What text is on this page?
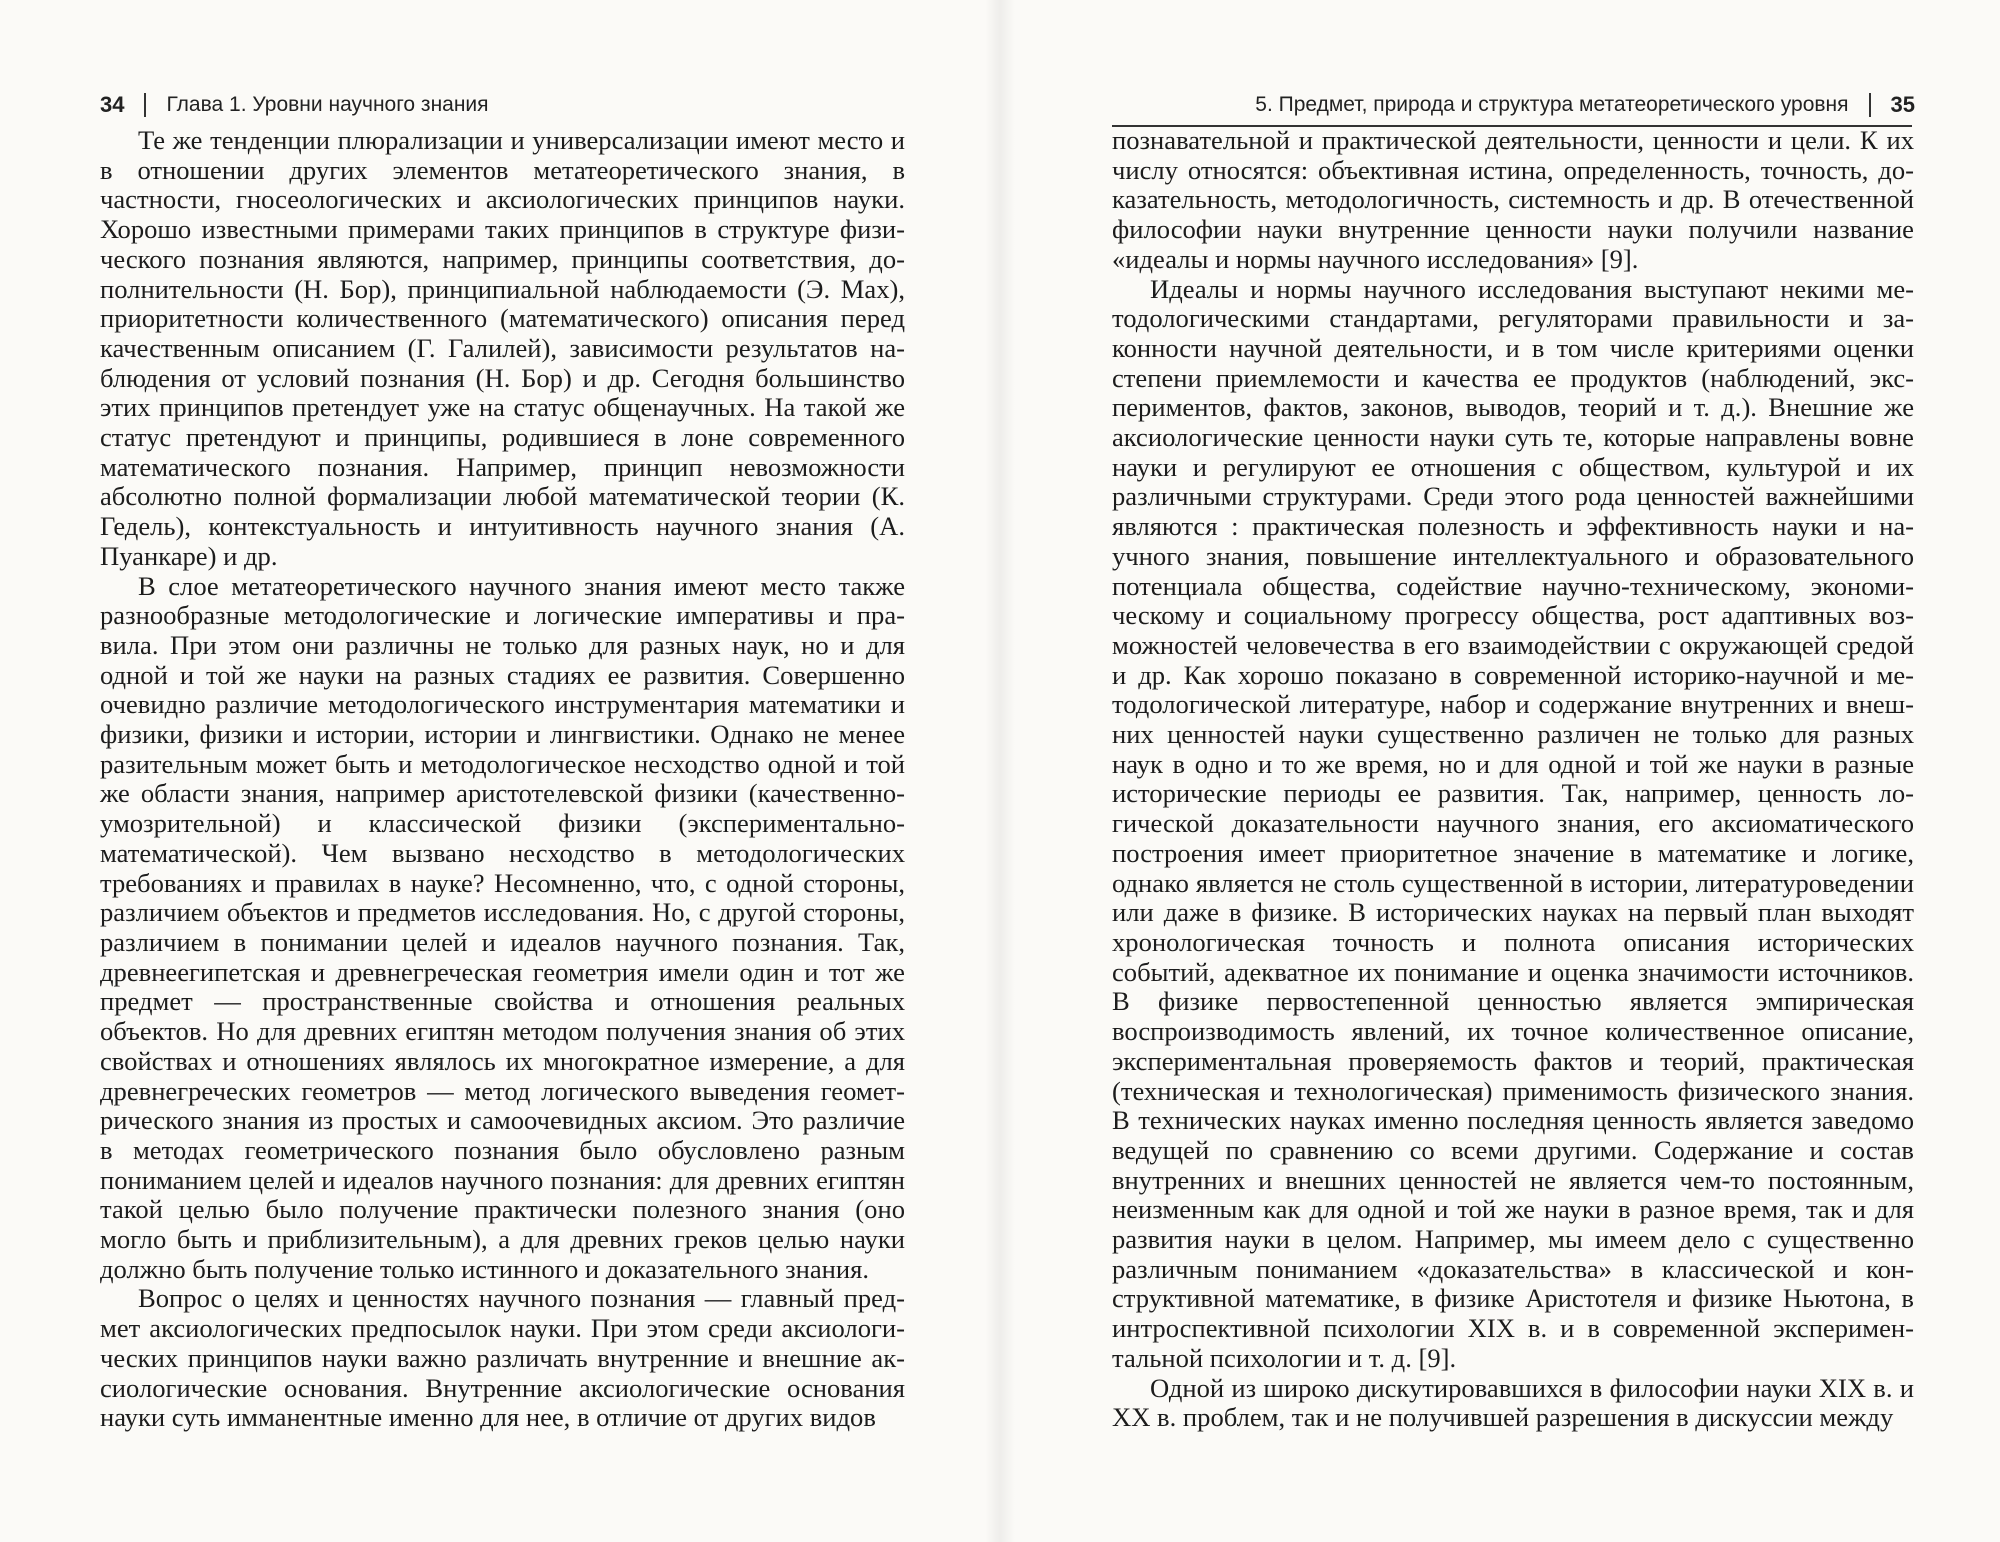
34 Глава 1. Уровни научного знания

Те же тенденции плюрализации и универсализации имеют место и в отношении других элементов метатеоретического знания, в частности, гносеологических и аксиологических принципов науки. Хорошо известными примерами таких принципов в структуре физического познания являются, например, принципы соответствия, дополнительности (Н. Бор), принципиальной наблюдаемости (Э. Мах), приоритетности количественного (математического) описания перед качественным описанием (Г. Галилей), зависимости результатов наблюдения от условий познания (Н. Бор) и др. Сегодня большинство этих принципов претендует уже на статус общенаучных. На такой же статус претендуют и принципы, родившиеся в лоне современного математического познания. Например, принцип невозможности абсолютно полной формализации любой математической теории (К. Гедель), контекстуальность и интуитивность научного знания (А. Пуанкаре) и др.

В слое метатеоретического научного знания имеют место также разнообразные методологические и логические императивы и правила. При этом они различны не только для разных наук, но и для одной и той же науки на разных стадиях ее развития. Совершенно очевидно различие методологического инструментария математики и физики, физики и истории, истории и лингвистики. Однако не менее разительным может быть и методологическое несходство одной и той же области знания, например аристотелевской физики (качественно-умозрительной) и классической физики (экспериментально-математической). Чем вызвано несходство в методологических требованиях и правилах в науке? Несомненно, что, с одной стороны, различием объектов и предметов исследования. Но, с другой стороны, различием в понимании целей и идеалов научного познания. Так, древнеегипетская и древнегреческая геометрия имели один и тот же предмет — пространственные свойства и отношения реальных объектов. Но для древних египтян методом получения знания об этих свойствах и отношениях являлось их многократное измерение, а для древнегреческих геометров — метод логического выведения геометрического знания из простых и самоочевидных аксиом. Это различие в методах геометрического познания было обусловлено разным пониманием целей и идеалов научного познания: для древних египтян такой целью было получение практически полезного знания (оно могло быть и приблизительным), а для древних греков целью науки должно быть получение только истинного и доказательного знания.

Вопрос о целях и ценностях научного познания — главный предмет аксиологических предпосылок науки. При этом среди аксиологических принципов науки важно различать внутренние и внешние аксиологические основания. Внутренние аксиологические основания науки суть имманентные именно для нее, в отличие от других видов

5. Предмет, природа и структура метатеоретического уровня 35

познавательной и практической деятельности, ценности и цели. К их числу относятся: объективная истина, определенность, точность, доказательность, методологичность, системность и др. В отечественной философии науки внутренние ценности науки получили название «идеалы и нормы научного исследования» [9].

Идеалы и нормы научного исследования выступают некими методологическими стандартами, регуляторами правильности и законности научной деятельности, и в том числе критериями оценки степени приемлемости и качества ее продуктов (наблюдений, экспериментов, фактов, законов, выводов, теорий и т. д.). Внешние же аксиологические ценности науки суть те, которые направлены вовне науки и регулируют ее отношения с обществом, культурой и их различными структурами. Среди этого рода ценностей важнейшими являются : практическая полезность и эффективность науки и научного знания, повышение интеллектуального и образовательного потенциала общества, содействие научно-техническому, экономическому и социальному прогрессу общества, рост адаптивных возможностей человечества в его взаимодействии с окружающей средой и др. Как хорошо показано в современной историко-научной и методологической литературе, набор и содержание внутренних и внешних ценностей науки существенно различен не только для разных наук в одно и то же время, но и для одной и той же науки в разные исторические периоды ее развития. Так, например, ценность логической доказательности научного знания, его аксиоматического построения имеет приоритетное значение в математике и логике, однако является не столь существенной в истории, литературоведении или даже в физике. В исторических науках на первый план выходят хронологическая точность и полнота описания исторических событий, адекватное их понимание и оценка значимости источников. В физике первостепенной ценностью является эмпирическая воспроизводимость явлений, их точное количественное описание, экспериментальная проверяемость фактов и теорий, практическая (техническая и технологическая) применимость физического знания. В технических науках именно последняя ценность является заведомо ведущей по сравнению со всеми другими. Содержание и состав внутренних и внешних ценностей не является чем-то постоянным, неизменным как для одной и той же науки в разное время, так и для развития науки в целом. Например, мы имеем дело с существенно различным пониманием «доказательства» в классической и конструктивной математике, в физике Аристотеля и физике Ньютона, в интроспективной психологии XIX в. и в современной экспериментальной психологии и т. д. [9].

Одной из широко дискутировавшихся в философии науки XIX в. и XX в. проблем, так и не получившей разрешения в дискуссии между
